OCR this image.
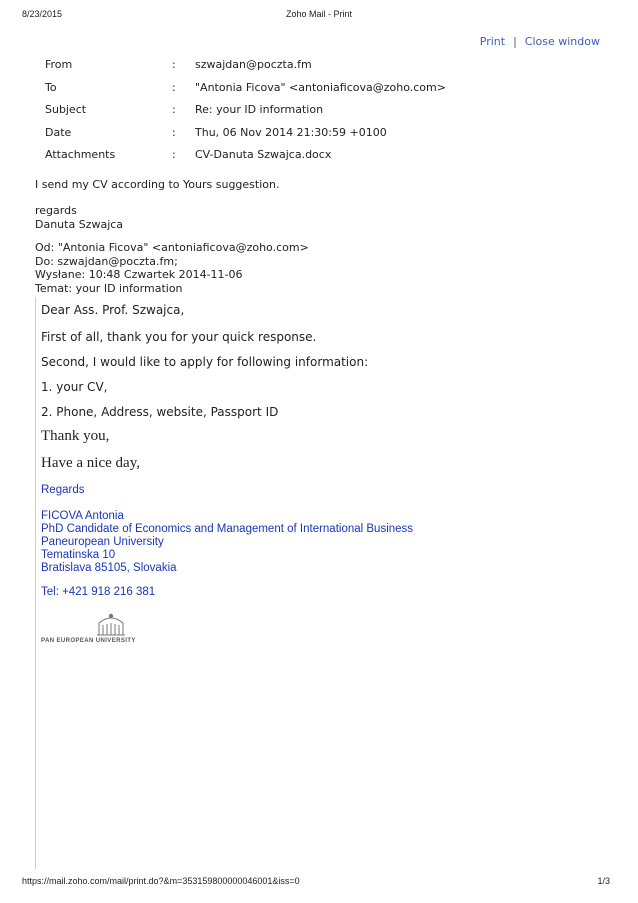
8/23/2015	Zoho Mail - Print
Print | Close window
From	:	szwajdan@poczta.fm
To	:	"Antonia Ficova" <antoniaficova@zoho.com>
Subject	:	Re: your ID information
Date	:	Thu, 06 Nov 2014 21:30:59 +0100
Attachments	:	CV-Danuta Szwajca.docx
I send my CV according to Yours suggestion.
regards
Danuta Szwajca
Od: "Antonia Ficova" <antoniaficova@zoho.com>
Do: szwajdan@poczta.fm;
Wysłane: 10:48 Czwartek 2014-11-06
Temat: your ID information
Dear Ass. Prof. Szwajca,
First of all, thank you for your quick response.
Second, I would like to apply for following information:
1. your CV,
2. Phone, Address, website, Passport ID
Thank you,
Have a nice day,
Regards
FICOVA Antonia
PhD Candidate of Economics and Management of International Business
Paneuropean University
Tematinska 10
Bratislava 85105, Slovakia
Tel: +421 918 216 381
PAN EUROPEAN UNIVERSITY
https://mail.zoho.com/mail/print.do?&m=353159800000046001&iss=0	1/3
